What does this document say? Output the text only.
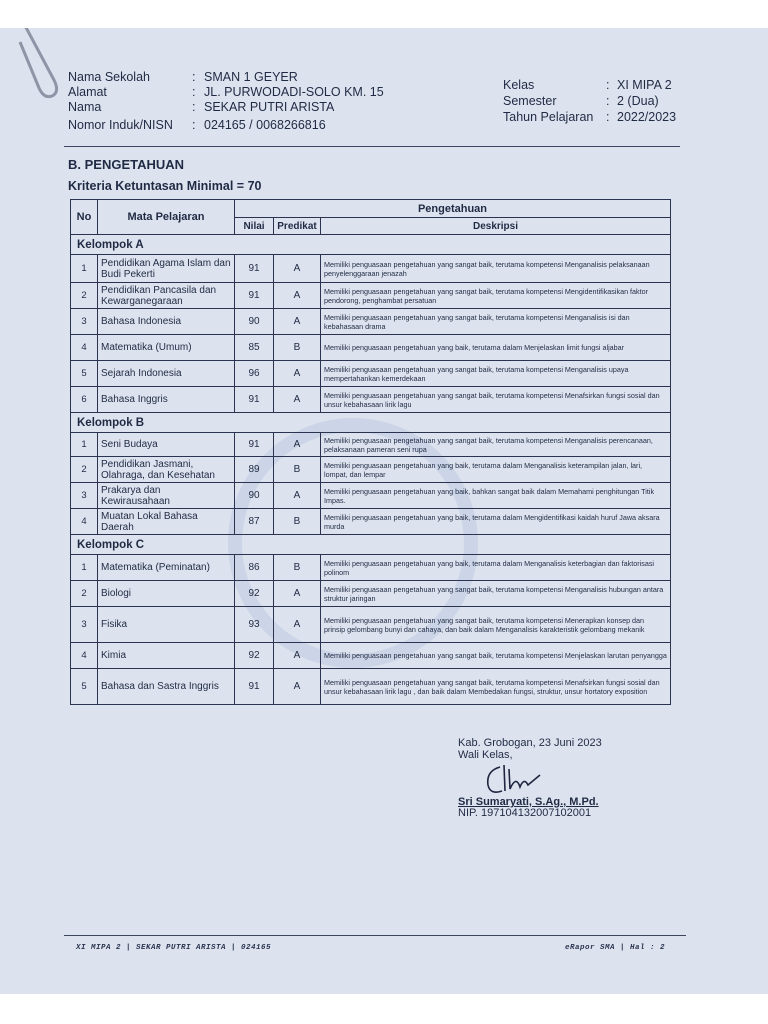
Nama Sekolah	: SMAN 1 GEYER
Alamat	: JL. PURWODADI-SOLO KM. 15
Nama	: SEKAR PUTRI ARISTA
Nomor Induk/NISN : 024165 / 0068266816
Kelas	: XI MIPA 2
Semester	: 2 (Dua)
Tahun Pelajaran : 2022/2023
B. PENGETAHUAN
Kriteria Ketuntasan Minimal = 70
No	Mata Pelajaran	Pengetahuan		
		Nilai	Predikat	Deskripsi
Kelompok A				
1	Pendidikan Agama Islam dan Budi Pekerti	91	A	Memiliki penguasaan pengetahuan yang sangat baik, terutama kompetensi Menganalisis pelaksanaan penyelenggaraan jenazah
2	Pendidikan Pancasila dan Kewarganegaraan	91	A	Memiliki penguasaan pengetahuan yang sangat baik, terutama kompetensi Mengidentifikasikan faktor pendorong, penghambat persatuan
3	Bahasa Indonesia	90	A	Memiliki penguasaan pengetahuan yang sangat baik, terutama kompetensi Menganalisis isi dan kebahasaan drama
4	Matematika (Umum)	85	B	Memiliki penguasaan pengetahuan yang baik, terutama dalam Menjelaskan limit fungsi aljabar
5	Sejarah Indonesia	96	A	Memiliki penguasaan pengetahuan yang sangat baik, terutama kompetensi Menganalisis upaya mempertahankan kemerdekaan
6	Bahasa Inggris	91	A	Memiliki penguasaan pengetahuan yang sangat baik, terutama kompetensi Menafsirkan fungsi sosial dan unsur kebahasaan lirik lagu
Kelompok B				
1	Seni Budaya	91	A	Memiliki penguasaan pengetahuan yang sangat baik, terutama kompetensi Menganalisis perencanaan, pelaksanaan pameran seni rupa
2	Pendidikan Jasmani, Olahraga, dan Kesehatan	89	B	Memiliki penguasaan pengetahuan yang baik, terutama dalam Menganalisis keterampilan jalan, lari, lompat, dan lempar
3	Prakarya dan Kewirausahaan	90	A	Memiliki penguasaan pengetahuan yang baik, bahkan sangat baik dalam Memahami penghitungan Titik Impas.
4	Muatan Lokal Bahasa Daerah	87	B	Memiliki penguasaan pengetahuan yang baik, terutama dalam Mengidentifikasi kaidah huruf Jawa aksara murda
Kelompok C				
1	Matematika (Peminatan)	86	B	Memiliki penguasaan pengetahuan yang baik, terutama dalam Menganalisis keterbagian dan faktorisasi polinom
2	Biologi	92	A	Memiliki penguasaan pengetahuan yang sangat baik, terutama kompetensi Menganalisis hubungan antara struktur jaringan
3	Fisika	93	A	Memiliki penguasaan pengetahuan yang sangat baik, terutama kompetensi Menerapkan konsep dan prinsip gelombang bunyi dan cahaya, dan baik dalam Menganalisis karakteristik gelombang mekanik
4	Kimia	92	A	Memiliki penguasaan pengetahuan yang sangat baik, terutama kompetensi Menjelaskan larutan penyangga
5	Bahasa dan Sastra Inggris	91	A	Memiliki penguasaan pengetahuan yang sangat baik, terutama kompetensi Menafsirkan fungsi sosial dan unsur kebahasaan lirik lagu , dan baik dalam Membedakan fungsi, struktur, unsur hortatory exposition
Kab. Grobogan, 23 Juni 2023
Wali Kelas,
Sri Sumaryati, S.Ag., M.Pd.
NIP. 197104132007102001
XI MIPA 2 | SEKAR PUTRI ARISTA | 024165	eRapor SMA | Hal : 2
